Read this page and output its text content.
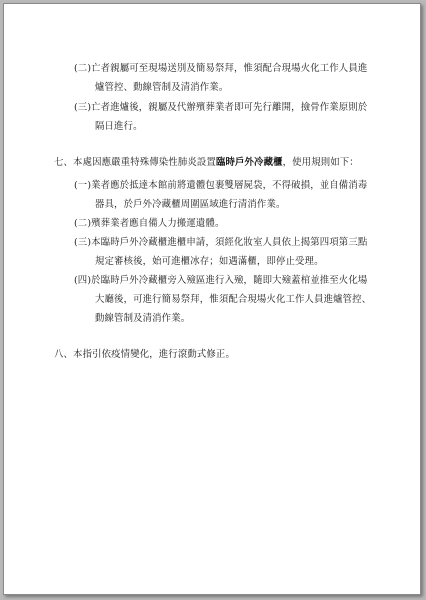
(二)亡者親屬可至現場送別及簡易祭拜，惟須配合現場火化工作人員進
爐管控、動線管制及清消作業。
(三)亡者進爐後，親屬及代辦殯葬業者即可先行離開，撿骨作業原則於
隔日進行。
七、本處因應嚴重特殊傳染性肺炎設置臨時戶外冷藏櫃，使用規則如下：
(一)業者應於抵達本館前將遺體包裹雙層屍袋，不得破損，並自備消毒
器具，於戶外冷藏櫃周圍區域進行清消作業。
(二)殯葬業者應自備人力搬運遺體。
(三)本臨時戶外冷藏櫃進櫃申請，須經化妝室人員依上揭第四項第三點
規定審核後，始可進櫃冰存；如遇滿櫃，即停止受理。
(四)於臨時戶外冷藏櫃旁入殮區進行入殮，隨即大殮蓋棺並推至火化場
大廳後，可進行簡易祭拜，惟須配合現場火化工作人員進爐管控、
動線管制及清消作業。
八、本指引依疫情變化，進行滾動式修正。
